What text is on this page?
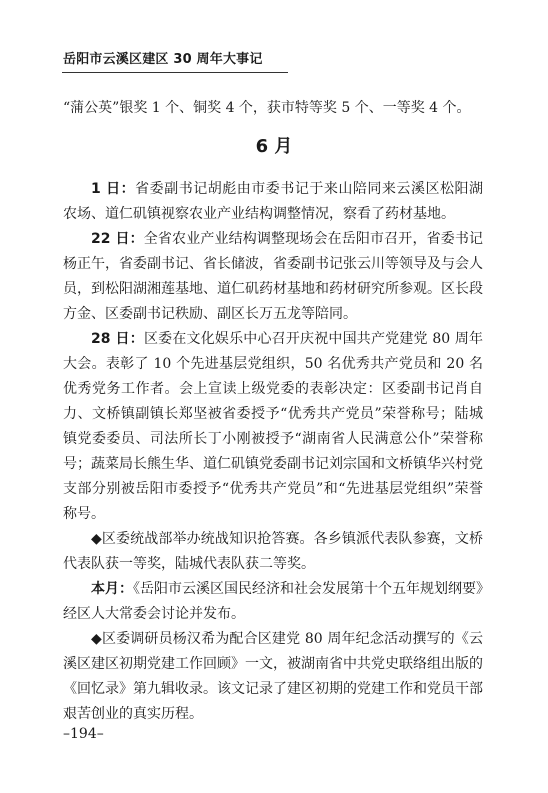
岳阳市云溪区建区 30 周年大事记
“蒲公英”银奖 1 个、铜奖 4 个，获市特等奖 5 个、一等奖 4 个。
6 月

1 日：省委副书记胡彪由市委书记于来山陪同来云溪区松阳湖农场、道仁矶镇视察农业产业结构调整情况，察看了药材基地。

22 日：全省农业产业结构调整现场会在岳阳市召开，省委书记杨正午，省委副书记、省长储波，省委副书记张云川等领导及与会人员，到松阳湖湘莲基地、道仁矶药材基地和药材研究所参观。区长段方金、区委副书记秩励、副区长万五龙等陪同。

28 日：区委在文化娱乐中心召开庆祝中国共产党建党 80 周年大会。表彰了 10 个先进基层党组织，50 名优秀共产党员和 20 名优秀党务工作者。会上宣读上级党委的表彰决定：区委副书记肖自力、文桥镇副镇长郑坚被省委授予“优秀共产党员”荣誉称号；陆城镇党委委员、司法所长丁小刚被授予“湖南省人民满意公仆”荣誉称号；蔬菜局长熊生华、道仁矶镇党委副书记刘宗国和文桥镇华兴村党支部分别被岳阳市委授予“优秀共产党员”和“先进基层党组织”荣誉称号。

◆区委统战部举办统战知识抢答赛。各乡镇派代表队参赛，文桥代表队获一等奖，陆城代表队获二等奖。

本月：《岳阳市云溪区国民经济和社会发展第十个五年规划纲要》经区人大常委会讨论并发布。

◆区委调研员杨汉希为配合区建党 80 周年纪念活动撰写的《云溪区建区初期党建工作回顾》一文，被湖南省中共党史联络组出版的《回忆录》第九辑收录。该文记录了建区初期的党建工作和党员干部艰苦创业的真实历程。

–194–
